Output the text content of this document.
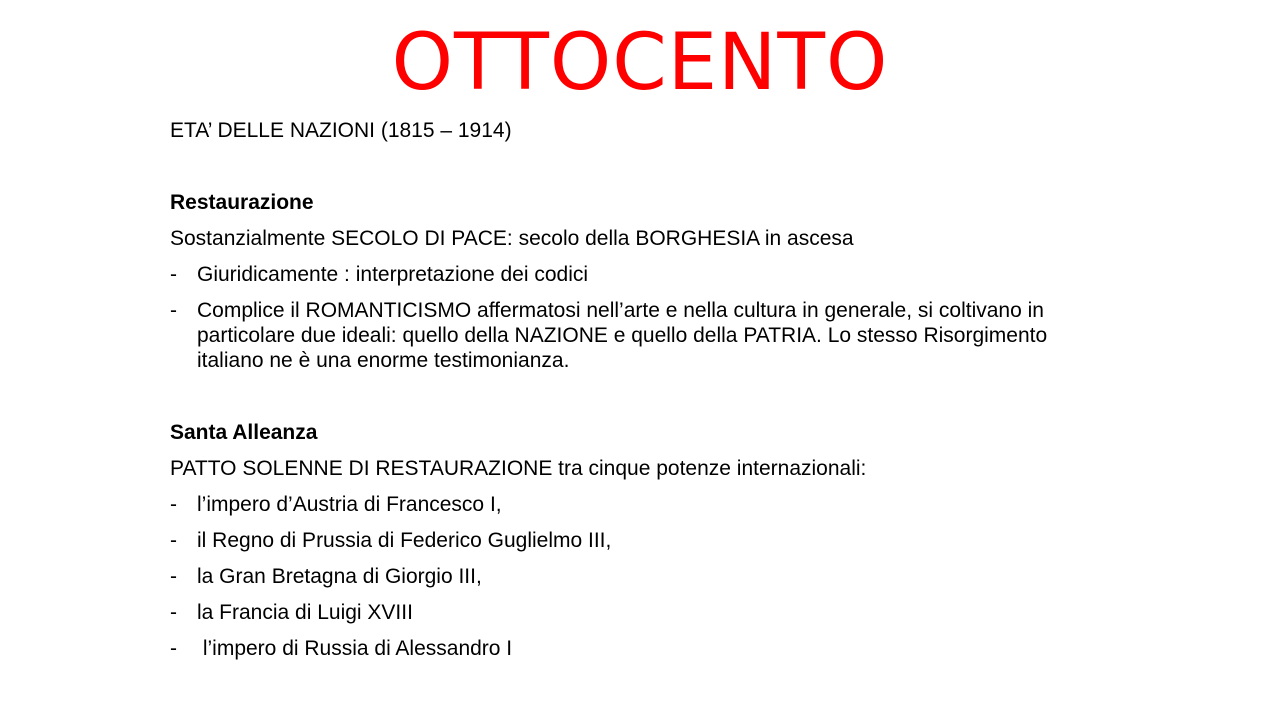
OTTOCENTO

ETA’ DELLE NAZIONI (1815 – 1914)

Restaurazione

Sostanzialmente SECOLO DI PACE: secolo della BORGHESIA in ascesa

- Giuridicamente : interpretazione dei codici
- Complice il ROMANTICISMO affermatosi nell’arte e nella cultura in generale, si coltivano in particolare due ideali: quello della NAZIONE e quello della PATRIA. Lo stesso Risorgimento italiano ne è una enorme testimonianza.

Santa Alleanza

PATTO SOLENNE DI RESTAURAZIONE tra cinque potenze internazionali:

- l’impero d’Austria di Francesco I,
- il Regno di Prussia di Federico Guglielmo III,
- la Gran Bretagna di Giorgio III,
- la Francia di Luigi XVIII
- l’impero di Russia di Alessandro I
